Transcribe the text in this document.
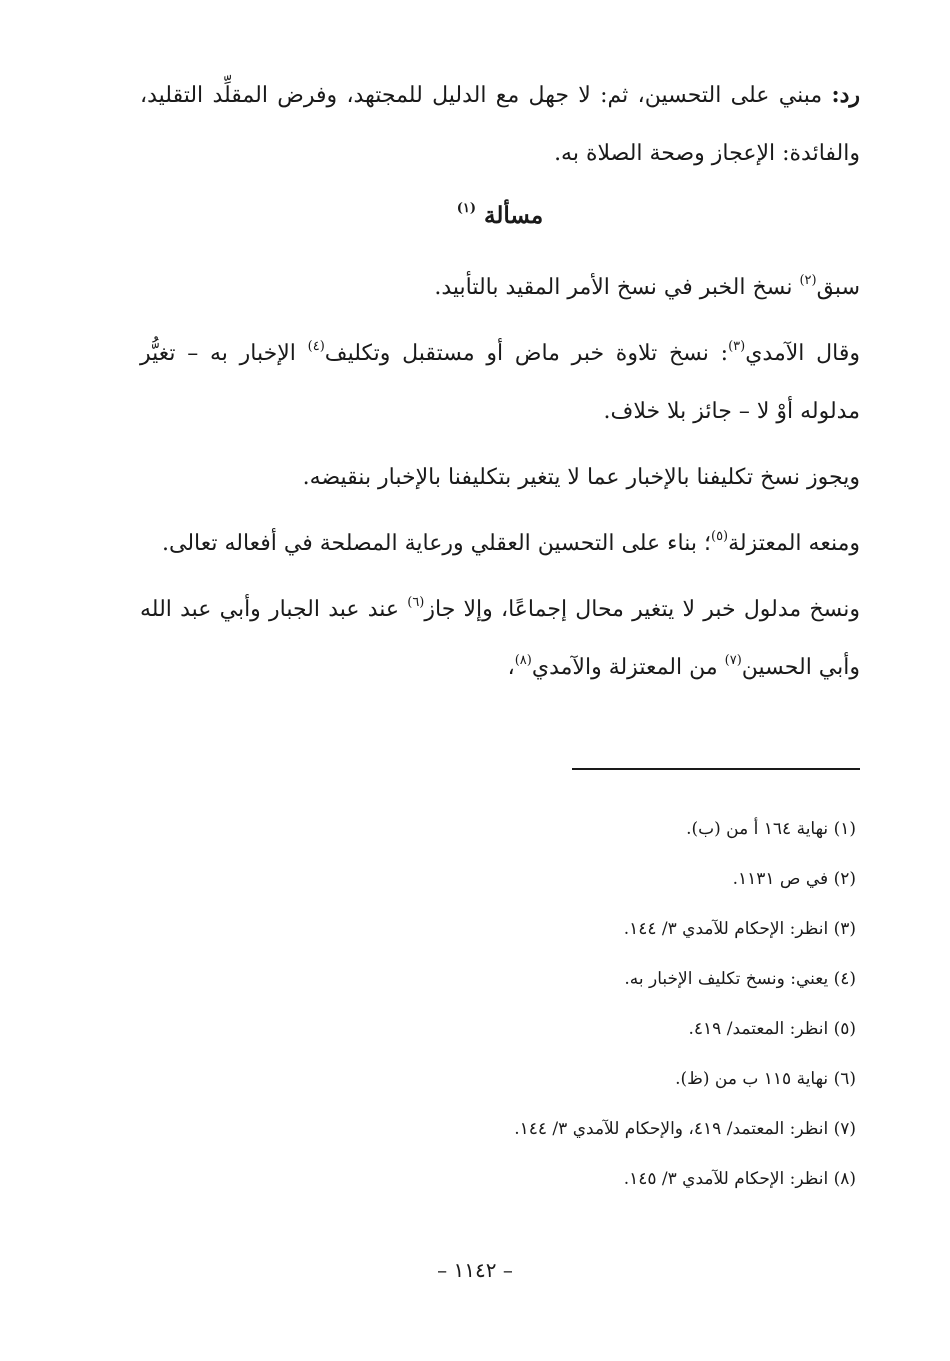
رد: مبني على التحسين، ثم: لا جهل مع الدليل للمجتهد، وفرض المقلِّد التقليد، والفائدة: الإعجاز وصحة الصلاة به.

مسألة $^{(١)}$

سبق$^{(٢)}$ نسخ الخبر في نسخ الأمر المقيد بالتأبيد.

وقال الآمدي$^{(٣)}$: نسخ تلاوة خبر ماض أو مستقبل وتكليف$^{(٤)}$ الإخبار به – تغيُّر مدلوله أوْ لا – جائز بلا خلاف.

ويجوز نسخ تكليفنا بالإخبار عما لا يتغير بتكليفنا بالإخبار بنقيضه.

ومنعه المعتزلة$^{(٥)}$؛ بناء على التحسين العقلي ورعاية المصلحة في أفعاله تعالى.

ونسخ مدلول خبر لا يتغير محال إجماعًا، وإلا جاز$^{(٦)}$ عند عبد الجبار وأبي عبد الله وأبي الحسين$^{(٧)}$ من المعتزلة والآمدي$^{(٨)}$،

(١) نهاية ١٦٤ أ من (ب).

(٢) في ص ١١٣١.

(٣) انظر: الإحكام للآمدي ٣/ ١٤٤.

(٤) يعني: ونسخ تكليف الإخبار به.

(٥) انظر: المعتمد/ ٤١٩.

(٦) نهاية ١١٥ ب من (ظ).

(٧) انظر: المعتمد/ ٤١٩، والإحكام للآمدي ٣/ ١٤٤.

(٨) انظر: الإحكام للآمدي ٣/ ١٤٥.

– ١١٤٢ –
